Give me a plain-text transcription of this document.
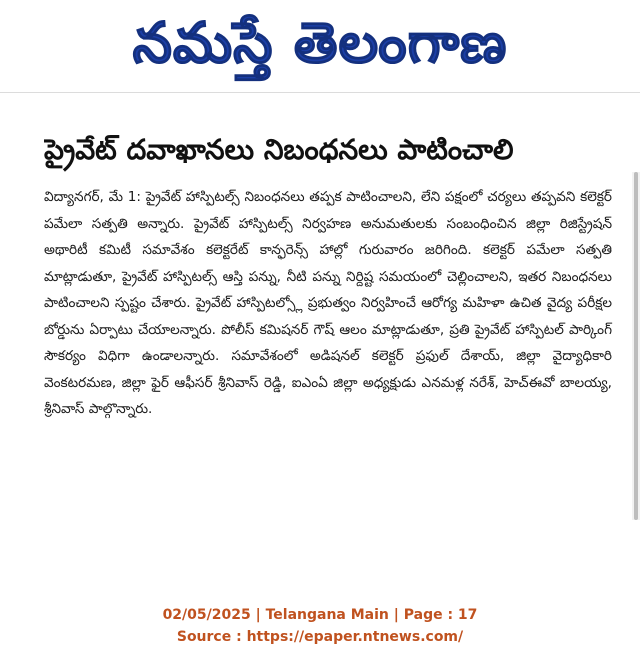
నమస్తే తెలంగాణ
ప్రైవేట్ దవాఖానలు నిబంధనలు పాటించాలి

విద్యానగర్, మే 1: ప్రైవేట్ హాస్పిటల్స్ నిబంధనలు తప్పక పాటించాలని, లేని పక్షంలో చర్యలు తప్పవని కలెక్టర్ పమేలా సత్పతి అన్నారు. ప్రైవేట్ హాస్పిటల్స్ నిర్వహణ అనుమతులకు సంబంధించిన జిల్లా రిజిస్ట్రేషన్ అథారిటీ కమిటీ సమావేశం కలెక్టరేట్ కాన్ఫరెన్స్ హాల్లో గురువారం జరిగింది. కలెక్టర్ పమేలా సత్పతి మాట్లాడుతూ, ప్రైవేట్ హాస్పిటల్స్ ఆస్తి పన్ను, నీటి పన్ను నిర్దిష్ట సమయంలో చెల్లించాలని, ఇతర నిబంధనలు పాటించాలని స్పష్టం చేశారు. ప్రైవేట్ హాస్పిటల్స్లో ప్రభుత్వం నిర్వహించే ఆరోగ్య మహిళా ఉచిత వైద్య పరీక్షల బోర్డును ఏర్పాటు చేయాలన్నారు. పోలీస్ కమిషనర్ గౌష్ ఆలం మాట్లాడుతూ, ప్రతి ప్రైవేట్ హాస్పిటల్ పార్కింగ్ సౌకర్యం విధిగా ఉండాలన్నారు. సమావేశంలో అడిషనల్ కలెక్టర్ ప్రఫుల్ దేశాయ్, జిల్లా వైద్యాధికారి వెంకటరమణ, జిల్లా ఫైర్ ఆఫీసర్ శ్రీనివాస్ రెడ్డి, ఐఎంఏ జిల్లా అధ్యక్షుడు ఎనమళ్ల నరేశ్, హెచ్ఈవో బాలయ్య, శ్రీనివాస్ పాల్గొన్నారు.

02/05/2025 | Telangana Main | Page : 17
Source : https://epaper.ntnews.com/
